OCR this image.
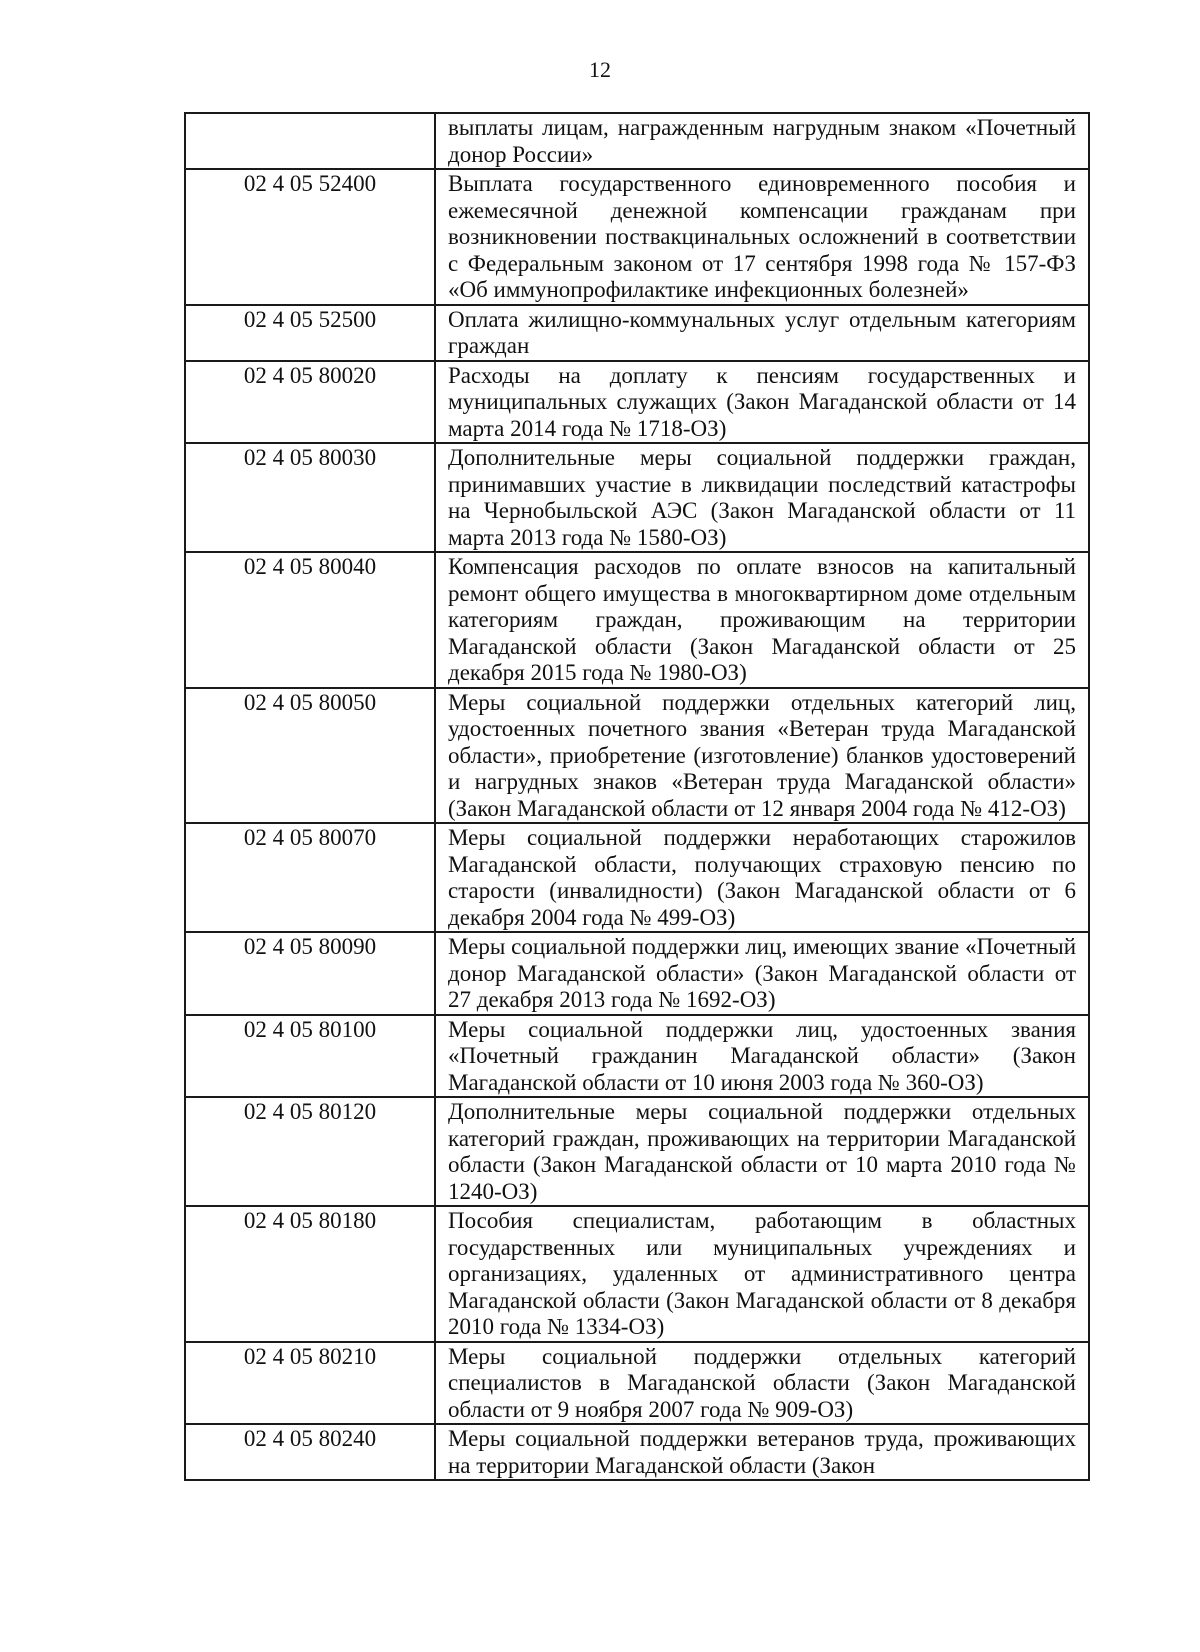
12
	выплаты лицам, награжденным нагрудным знаком «Почетный донор России»
02 4 05 52400	Выплата государственного единовременного пособия и ежемесячной денежной компенсации гражданам при возникновении поствакцинальных осложнений в соответствии с Федеральным законом от 17 сентября 1998 года № 157-ФЗ «Об иммунопрофилактике инфекционных болезней»
02 4 05 52500	Оплата жилищно-коммунальных услуг отдельным категориям граждан
02 4 05 80020	Расходы на доплату к пенсиям государственных и муниципальных служащих (Закон Магаданской области от 14 марта 2014 года № 1718-ОЗ)
02 4 05 80030	Дополнительные меры социальной поддержки граждан, принимавших участие в ликвидации последствий катастрофы на Чернобыльской АЭС (Закон Магаданской области от 11 марта 2013 года № 1580-ОЗ)
02 4 05 80040	Компенсация расходов по оплате взносов на капитальный ремонт общего имущества в многоквартирном доме отдельным категориям граждан, проживающим на территории Магаданской области (Закон Магаданской области от 25 декабря 2015 года № 1980-ОЗ)
02 4 05 80050	Меры социальной поддержки отдельных категорий лиц, удостоенных почетного звания «Ветеран труда Магаданской области», приобретение (изготовление) бланков удостоверений и нагрудных знаков «Ветеран труда Магаданской области» (Закон Магаданской области от 12 января 2004 года № 412-ОЗ)
02 4 05 80070	Меры социальной поддержки неработающих старожилов Магаданской области, получающих страховую пенсию по старости (инвалидности) (Закон Магаданской области от 6 декабря 2004 года № 499-ОЗ)
02 4 05 80090	Меры социальной поддержки лиц, имеющих звание «Почетный донор Магаданской области» (Закон Магаданской области от 27 декабря 2013 года № 1692-ОЗ)
02 4 05 80100	Меры социальной поддержки лиц, удостоенных звания «Почетный гражданин Магаданской области» (Закон Магаданской области от 10 июня 2003 года № 360-ОЗ)
02 4 05 80120	Дополнительные меры социальной поддержки отдельных категорий граждан, проживающих на территории Магаданской области (Закон Магаданской области от 10 марта 2010 года № 1240-ОЗ)
02 4 05 80180	Пособия специалистам, работающим в областных государственных или муниципальных учреждениях и организациях, удаленных от административного центра Магаданской области (Закон Магаданской области от 8 декабря 2010 года № 1334-ОЗ)
02 4 05 80210	Меры социальной поддержки отдельных категорий специалистов в Магаданской области (Закон Магаданской области от 9 ноября 2007 года № 909-ОЗ)
02 4 05 80240	Меры социальной поддержки ветеранов труда, проживающих на территории Магаданской области (Закон
